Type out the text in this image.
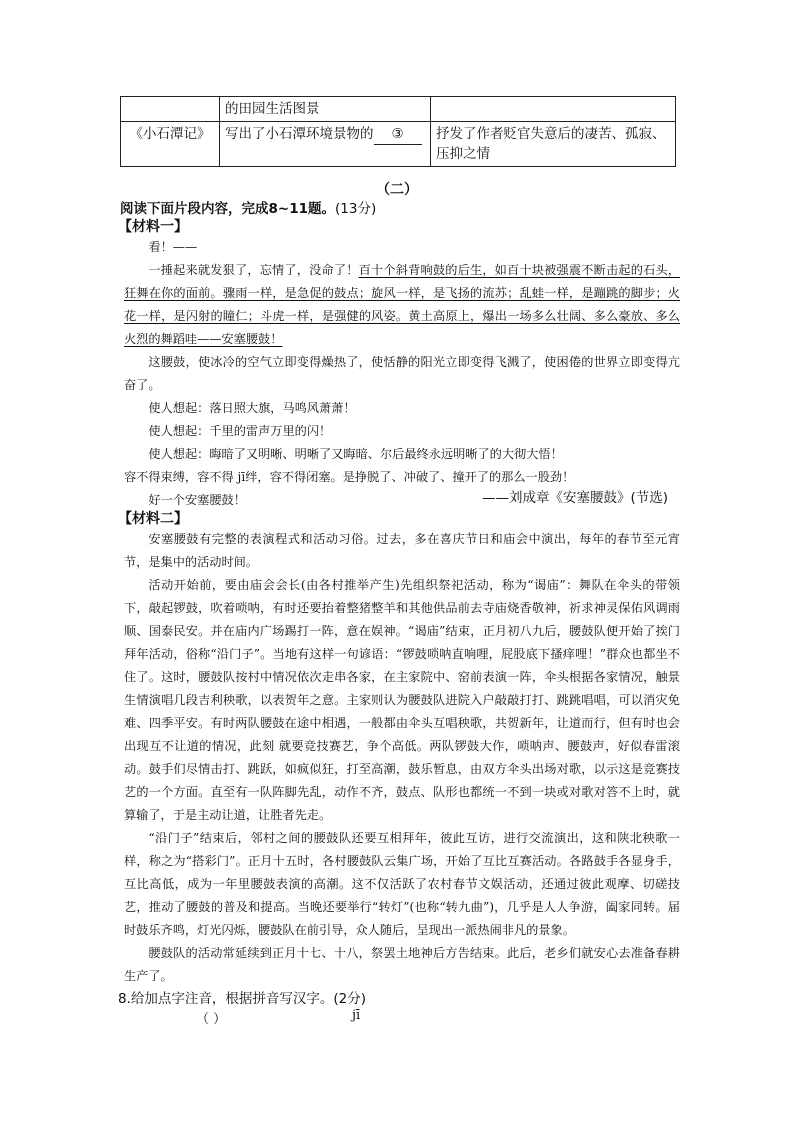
	的田园生活图景	
《小石潭记》	写出了小石潭环境景物的 ③	抒发了作者贬官失意后的凄苦、孤寂、压抑之情
（二）
阅读下面片段内容，完成8~11题。(13分)
【材料一】

看！——

一捶起来就发狠了，忘情了，没命了！百十个斜背响鼓的后生，如百十块被强震不断击起的石头，狂舞在你的面前。骤雨一样，是急促的鼓点；旋风一样，是飞扬的流苏；乱蛙一样，是蹦跳的脚步；火花一样，是闪射的瞳仁；斗虎一样，是强健的风姿。黄土高原上，爆出一场多么壮阔、多么豪放、多么火烈的舞蹈哇——安塞腰鼓！

这腰鼓，使冰冷的空气立即变得燥热了，使恬静的阳光立即变得飞溅了，使困倦的世界立即变得亢奋了。

使人想起：落日照大旗，马鸣风萧萧！

使人想起：千里的雷声万里的闪！

使人想起：晦暗了又明晰、明晰了又晦暗、尔后最终永远明晰了的大彻大悟！

容不得束缚，容不得 jī绊，容不得闭塞。是挣脱了、冲破了、撞开了的那么一股劲！

好一个安塞腰鼓！	——刘成章《安塞腰鼓》(节选)
【材料二】

安塞腰鼓有完整的表演程式和活动习俗。过去，多在喜庆节日和庙会中演出，每年的春节至元宵节，是集中的活动时间。

活动开始前，要由庙会会长(由各村推举产生)先组织祭祀活动，称为“谒庙”：舞队在伞头的带领下，敲起锣鼓，吹着唢呐，有时还要抬着整猪整羊和其他供品前去寺庙烧香敬神，祈求神灵保佑风调雨顺、国泰民安。并在庙内广场踢打一阵，意在娱神。“谒庙”结束，正月初八九后，腰鼓队便开始了挨门拜年活动，俗称“沿门子”。当地有这样一句谚语：“锣鼓唢呐直响哩，屁股底下搔痒哩！”群众也都坐不住了。这时，腰鼓队按村中情况依次走串各家，在主家院中、窑前表演一阵，伞头根据各家情况，触景生情演唱几段吉利秧歌，以表贺年之意。主家则认为腰鼓队进院入户敲敲打打、跳跳唱唱，可以消灾免难、四季平安。有时两队腰鼓在途中相遇，一般都由伞头互唱秧歌，共贺新年，让道而行，但有时也会出现互不让道的情况，此刻 就要竞技赛艺，争个高低。两队锣鼓大作，唢呐声、腰鼓声，好似春雷滚动。鼓手们尽情击打、跳跃，如疯似狂，打至高潮，鼓乐暂息，由双方伞头出场对歌，以示这是竞赛技艺的一个方面。直至有一队阵脚先乱，动作不齐，鼓点、队形也都统一不到一块或对歌对答不上时，就算输了，于是主动让道，让胜者先走。

“沿门子”结束后，邻村之间的腰鼓队还要互相拜年，彼此互访，进行交流演出，这和陕北秧歌一样，称之为“搭彩门”。正月十五时，各村腰鼓队云集广场，开始了互比互赛活动。各路鼓手各显身手，互比高低，成为一年里腰鼓表演的高潮。这不仅活跃了农村春节文娱活动，还通过彼此观摩、切磋技艺，推动了腰鼓的普及和提高。当晚还要举行“转灯”(也称“转九曲”)，几乎是人人争游，阖家同转。届时鼓乐齐鸣，灯光闪烁，腰鼓队在前引导，众人随后，呈现出一派热闹非凡的景象。

腰鼓队的活动常延续到正月十七、十八，祭罢土地神后方告结束。此后，老乡们就安心去准备春耕生产了。

8.给加点字注音，根据拼音写汉字。(2分)
（ ）	jī
